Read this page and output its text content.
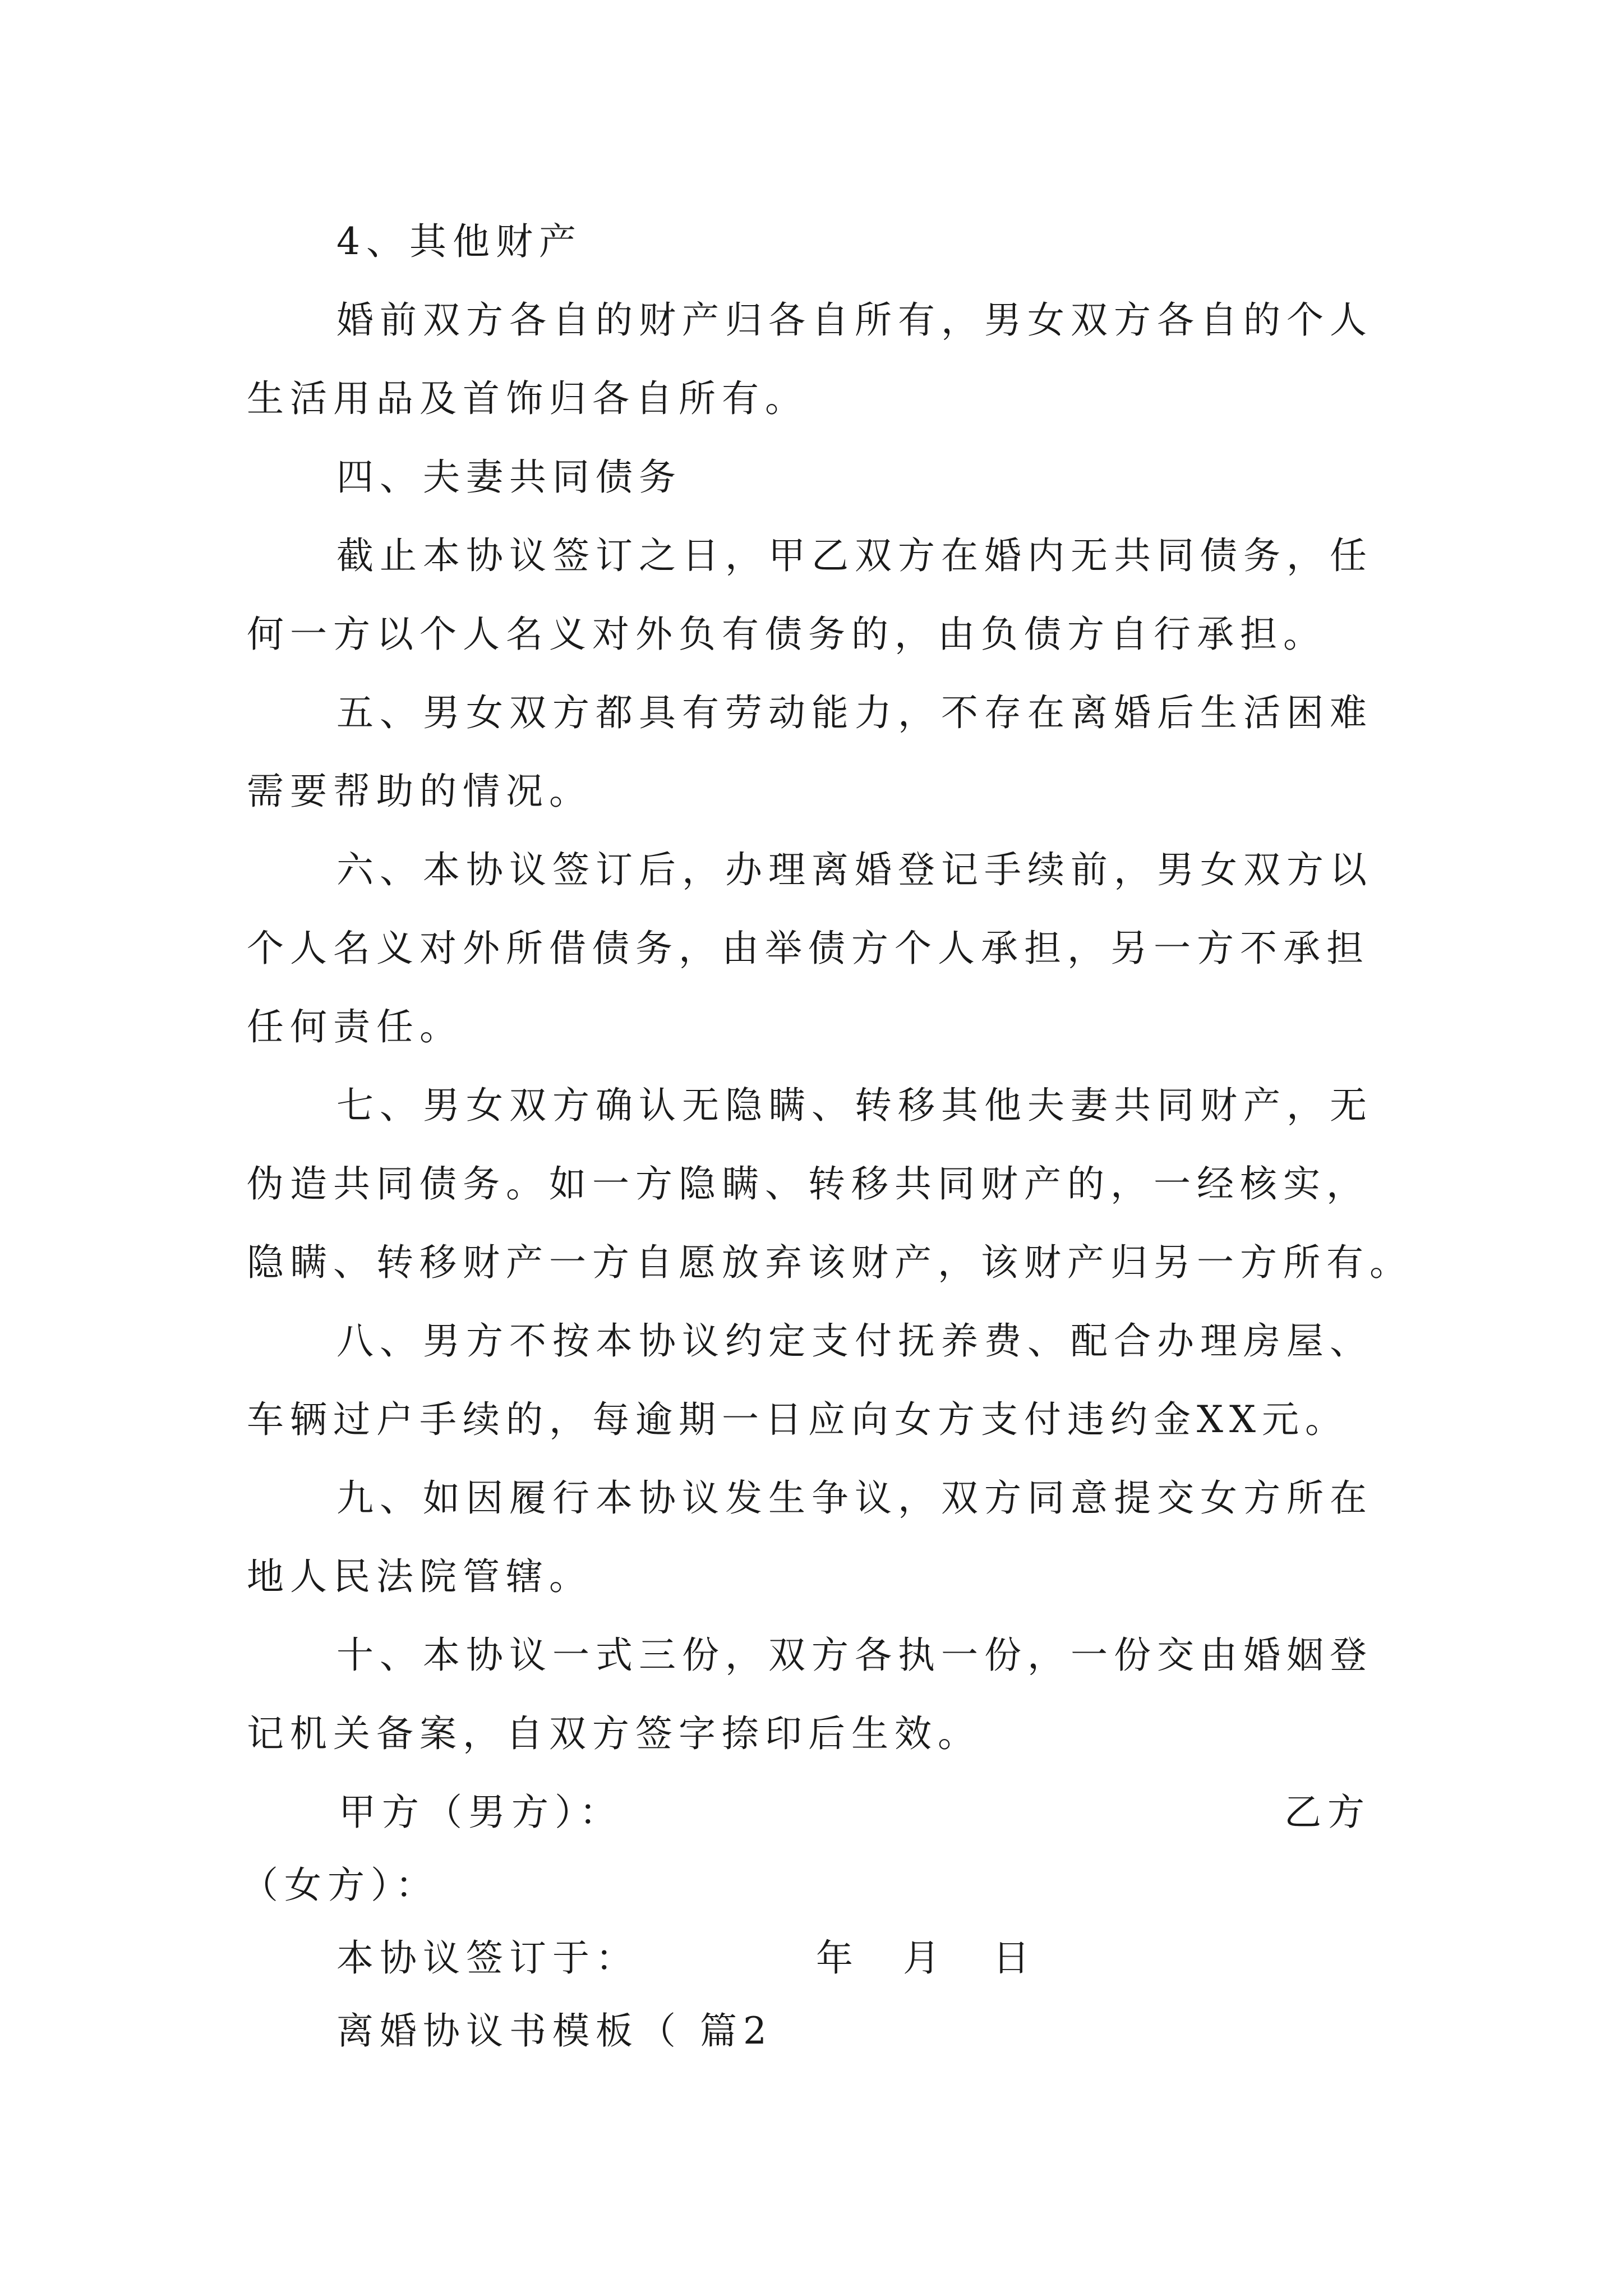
4、其他财产
婚前双方各自的财产归各自所有，男女双方各自的个人
生活用品及首饰归各自所有。
四、夫妻共同债务
截止本协议签订之日，甲乙双方在婚内无共同债务，任
何一方以个人名义对外负有债务的，由负债方自行承担。
五、男女双方都具有劳动能力，不存在离婚后生活困难
需要帮助的情况。
六、本协议签订后，办理离婚登记手续前，男女双方以
个人名义对外所借债务，由举债方个人承担，另一方不承担
任何责任。
七、男女双方确认无隐瞒、转移其他夫妻共同财产，无
伪造共同债务。如一方隐瞒、转移共同财产的，一经核实，
隐瞒、转移财产一方自愿放弃该财产，该财产归另一方所有。
八、男方不按本协议约定支付抚养费、配合办理房屋、
车辆过户手续的，每逾期一日应向女方支付违约金XX元。
九、如因履行本协议发生争议，双方同意提交女方所在
地人民法院管辖。
十、本协议一式三份，双方各执一份，一份交由婚姻登
记机关备案，自双方签字捺印后生效。
甲方（男方）：	乙方
（女方）：
本协议签订于：	年 月 日
离婚协议书模板（ 篇2
